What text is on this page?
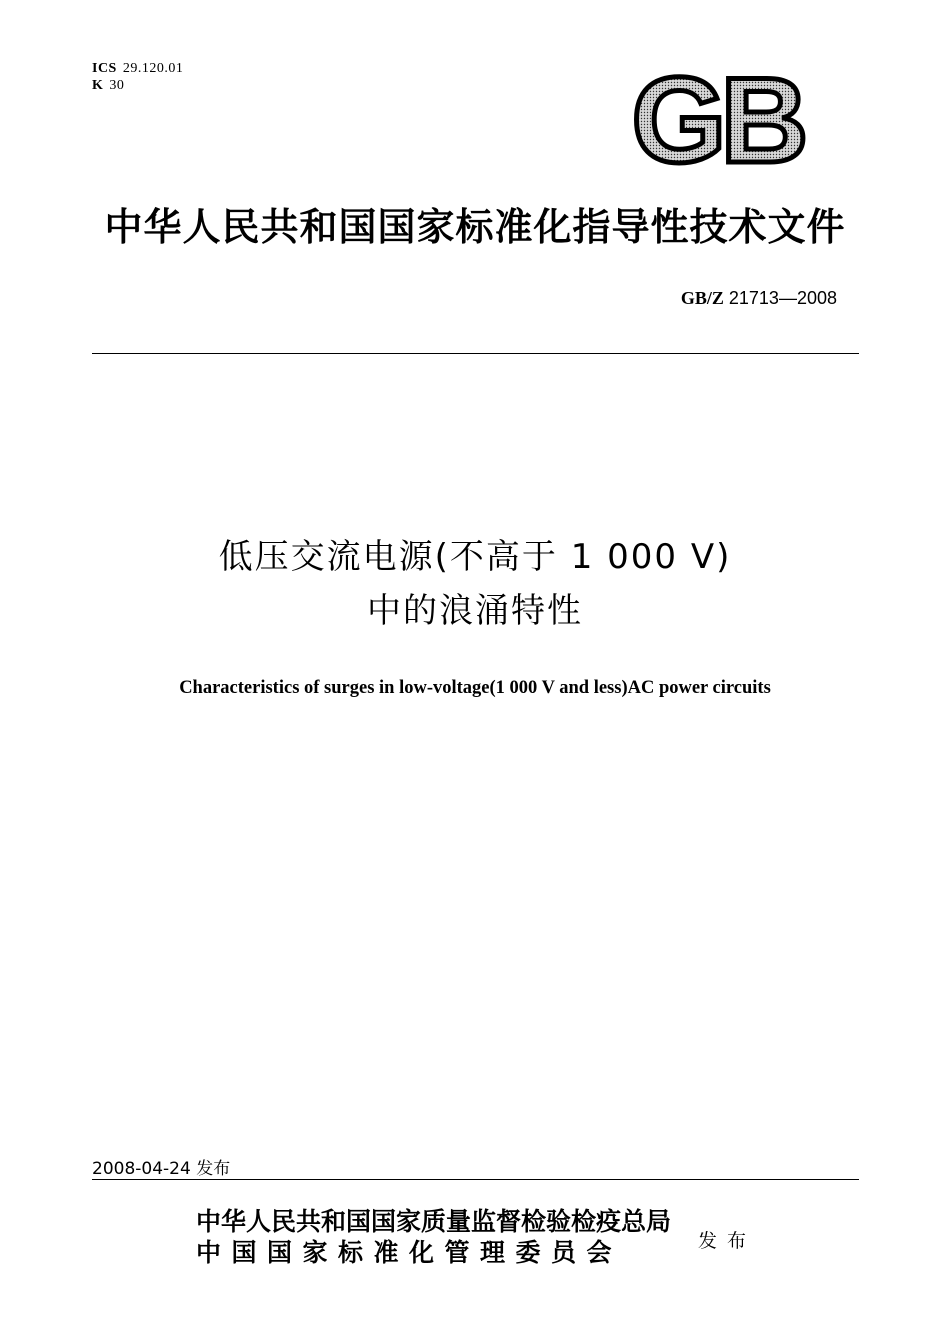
ICS 29.120.01
K 30	GB
中华人民共和国国家标准化指导性技术文件
GB/Z 21713—2008
低压交流电源(不高于 1 000 V)
中的浪涌特性
Characteristics of surges in low-voltage(1 000 V and less)AC power circuits
2008-04-24 发布
中华人民共和国国家质量监督检验检疫总局
中国国家标准化管理委员会	发布
